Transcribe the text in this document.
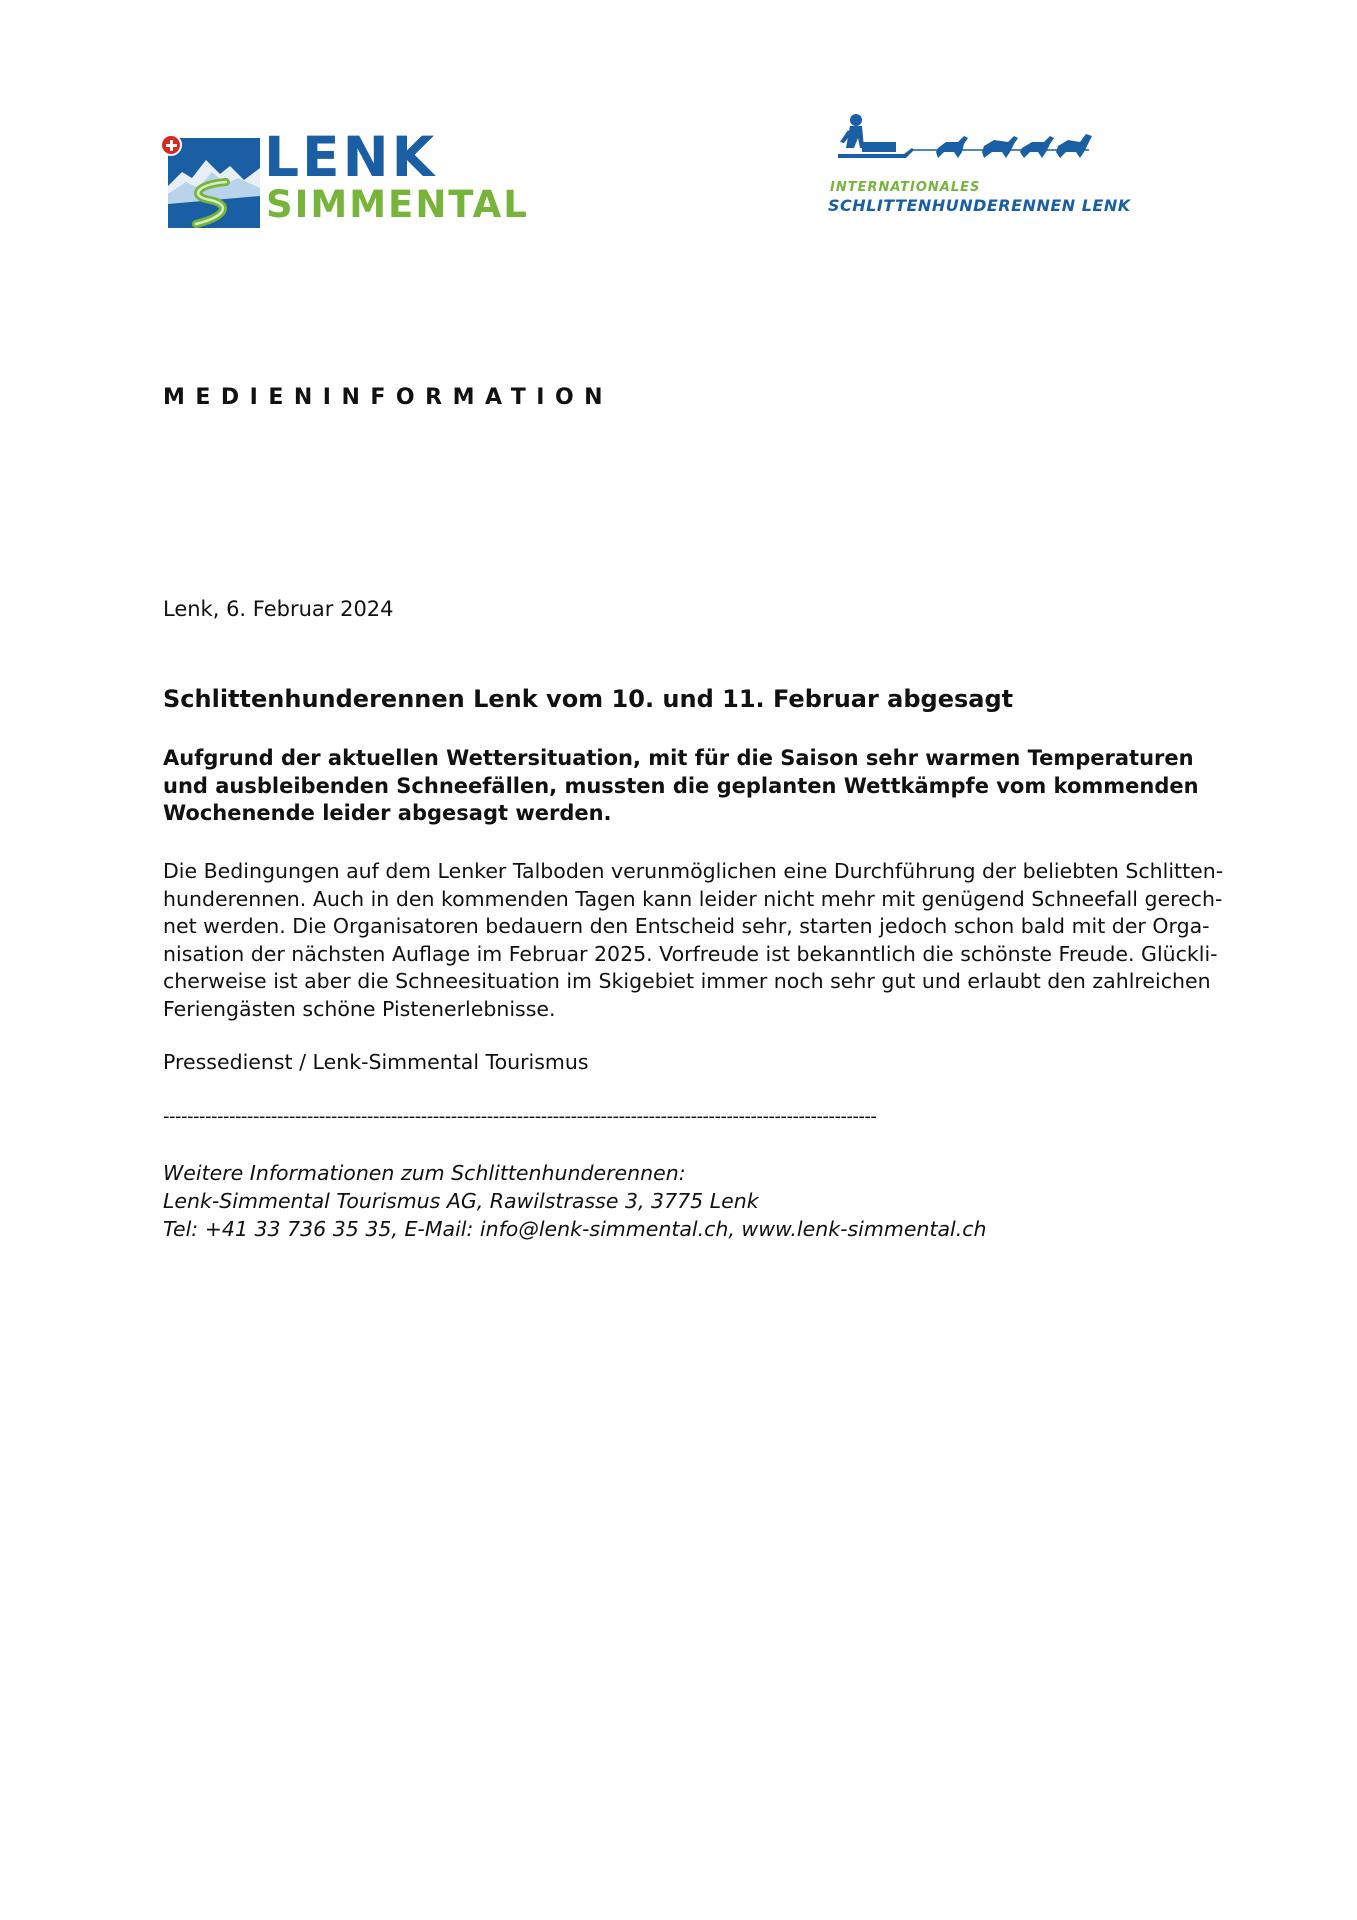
LENK
SIMMENTAL	INTERNATIONALES
SCHLITTENHUNDERENNEN LENK
MEDIENINFORMATION
Lenk, 6. Februar 2024
Schlittenhunderennen Lenk vom 10. und 11. Februar abgesagt
Aufgrund der aktuellen Wettersituation, mit für die Saison sehr warmen Temperaturen
und ausbleibenden Schneefällen, mussten die geplanten Wettkämpfe vom kommenden
Wochenende leider abgesagt werden.
Die Bedingungen auf dem Lenker Talboden verunmöglichen eine Durchführung der beliebten Schlitten-
hunderennen. Auch in den kommenden Tagen kann leider nicht mehr mit genügend Schneefall gerech-
net werden. Die Organisatoren bedauern den Entscheid sehr, starten jedoch schon bald mit der Orga-
nisation der nächsten Auflage im Februar 2025. Vorfreude ist bekanntlich die schönste Freude. Glückli-
cherweise ist aber die Schneesituation im Skigebiet immer noch sehr gut und erlaubt den zahlreichen
Feriengästen schöne Pistenerlebnisse.
Pressedienst / Lenk-Simmental Tourismus
-----------------------------------------------------------------------------------------------------------------------
Weitere Informationen zum Schlittenhunderennen:
Lenk-Simmental Tourismus AG, Rawilstrasse 3, 3775 Lenk
Tel: +41 33 736 35 35, E-Mail: info@lenk-simmental.ch, www.lenk-simmental.ch
